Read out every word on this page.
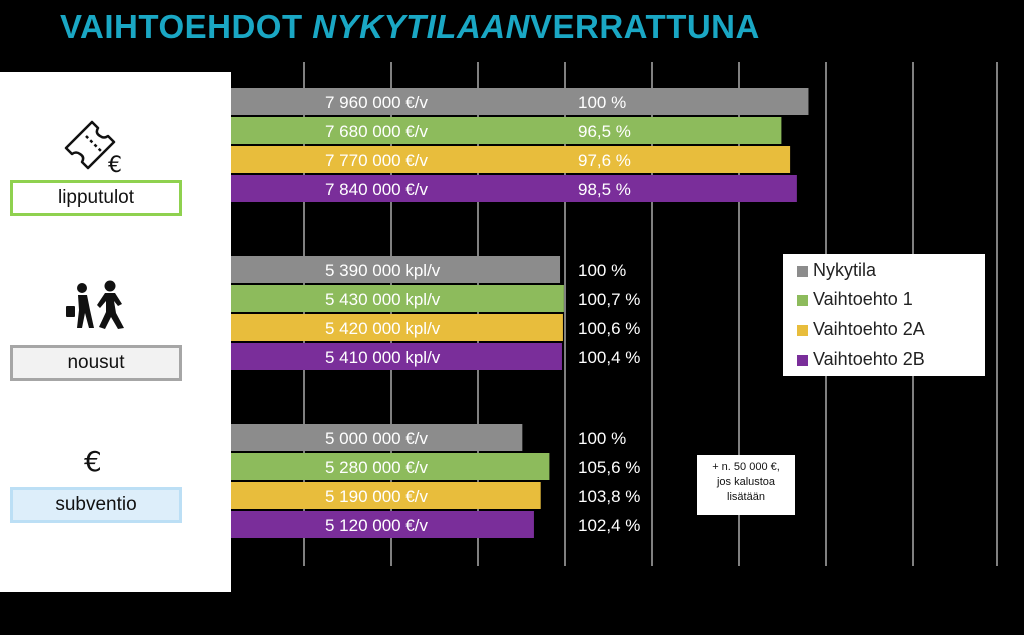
VAIHTOEHDOT NYKYTILAANVERRATTUNA
7 960 000 €/v	100 %
7 680 000 €/v	96,5 %
7 770 000 €/v	97,6 %
7 840 000 €/v	98,5 %
5 390 000 kpl/v	100 %
5 430 000 kpl/v	100,7 %
5 420 000 kpl/v	100,6 %
5 410 000 kpl/v	100,4 %
5 000 000 €/v	100 %
5 280 000 €/v	105,6 %
5 190 000 €/v	103,8 %
5 120 000 €/v	102,4 %
€
€
lipputulot
nousut
subventio
Nykytila
Vaihtoehto 1
Vaihtoehto 2A
Vaihtoehto 2B
+ n. 50 000 €,
jos kalustoa
lisätään
